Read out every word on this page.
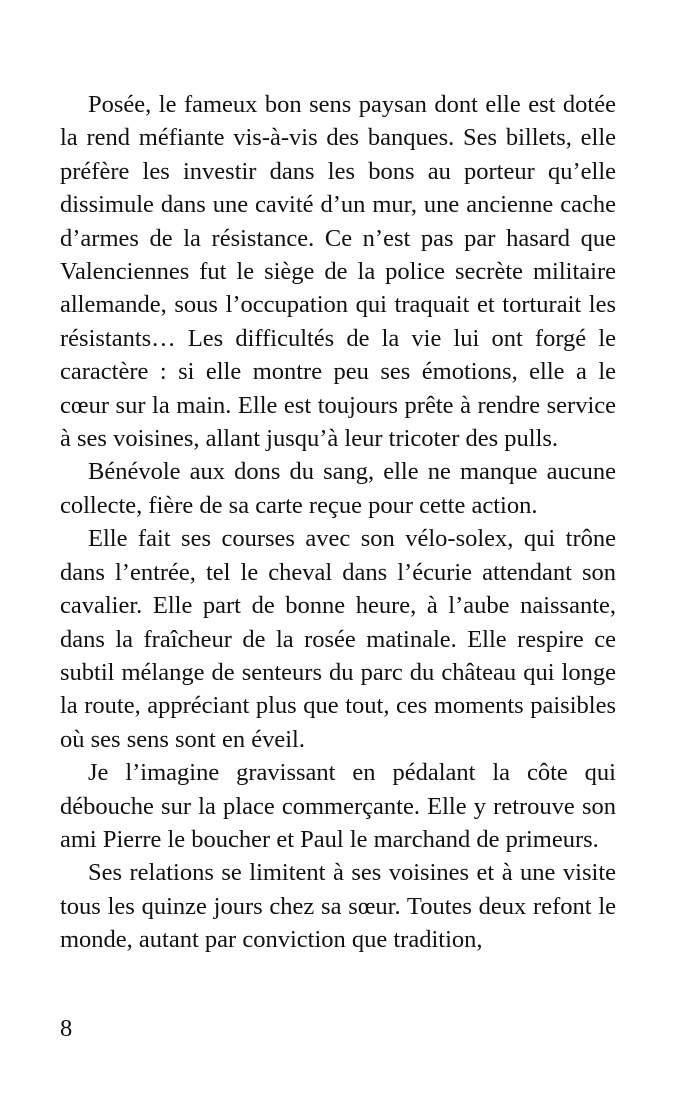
Posée, le fameux bon sens paysan dont elle est dotée la rend méfiante vis-à-vis des banques. Ses billets, elle préfère les investir dans les bons au porteur qu’elle dissimule dans une cavité d’un mur, une ancienne cache d’armes de la résistance. Ce n’est pas par hasard que Valenciennes fut le siège de la police secrète militaire allemande, sous l’occupation qui traquait et torturait les résistants… Les difficultés de la vie lui ont forgé le caractère : si elle montre peu ses émotions, elle a le cœur sur la main. Elle est toujours prête à rendre service à ses voisines, allant jusqu’à leur tricoter des pulls.

Bénévole aux dons du sang, elle ne manque aucune collecte, fière de sa carte reçue pour cette action.

Elle fait ses courses avec son vélo-solex, qui trône dans l’entrée, tel le cheval dans l’écurie attendant son cavalier. Elle part de bonne heure, à l’aube naissante, dans la fraîcheur de la rosée matinale. Elle respire ce subtil mélange de senteurs du parc du château qui longe la route, appréciant plus que tout, ces moments paisibles où ses sens sont en éveil.

Je l’imagine gravissant en pédalant la côte qui débouche sur la place commerçante. Elle y retrouve son ami Pierre le boucher et Paul le marchand de primeurs.

Ses relations se limitent à ses voisines et à une visite tous les quinze jours chez sa sœur. Toutes deux refont le monde, autant par conviction que tradition,

8
